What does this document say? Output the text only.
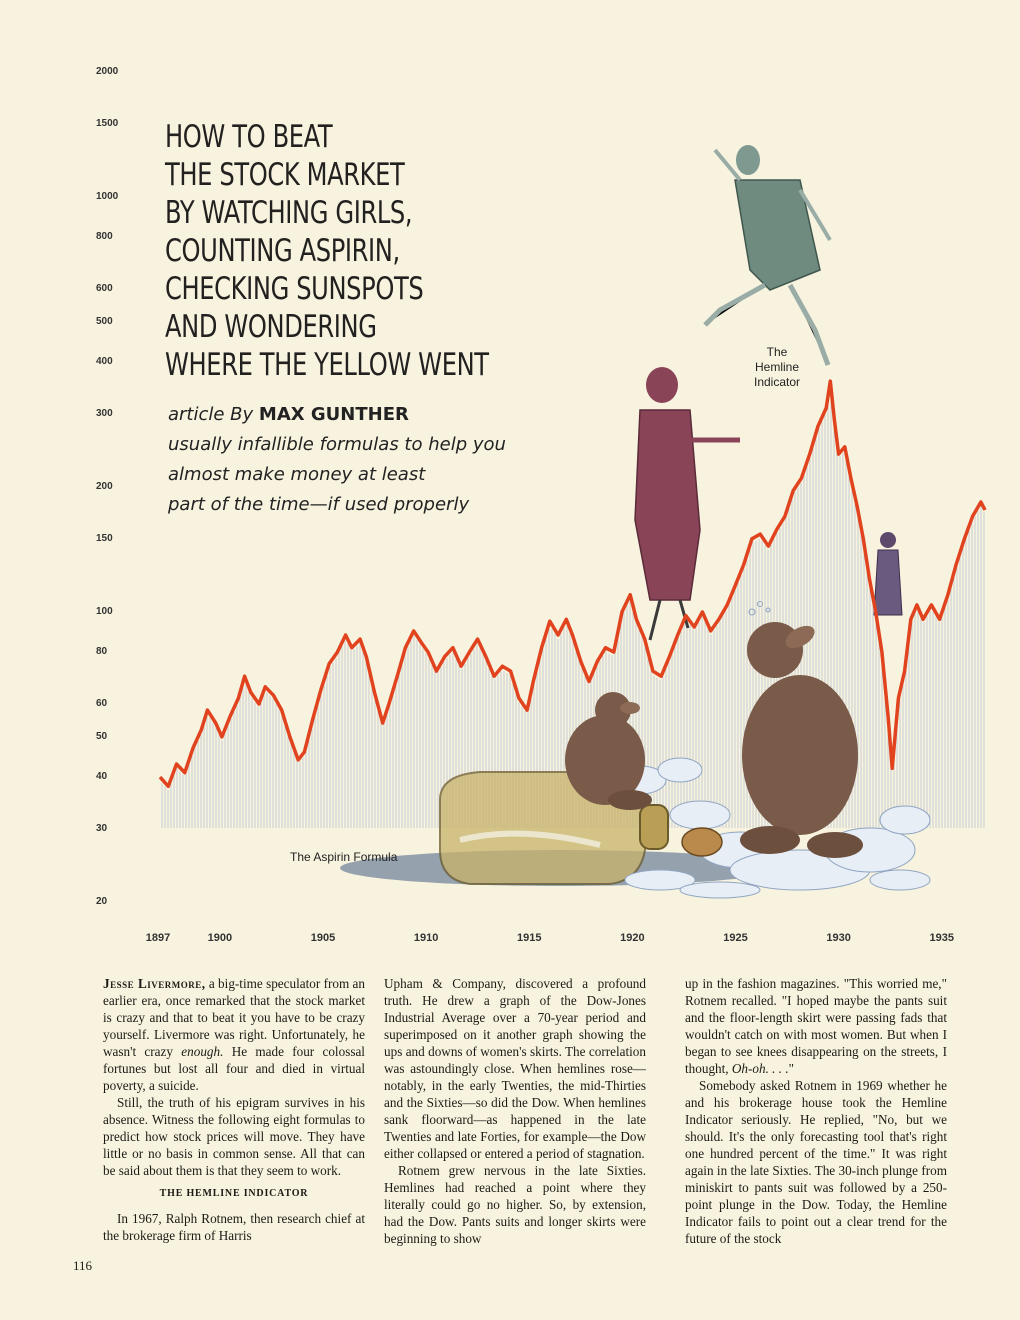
2000
1500
1000
800
600
500
400
300
200
150
100
80
60
50
40
30
20
1897	1900	1905	1910	1915	1920	1925	1930	1935
HOW TO BEAT
THE STOCK MARKET
BY WATCHING GIRLS,
COUNTING ASPIRIN,
CHECKING SUNSPOTS
AND WONDERING
WHERE THE YELLOW WENT
article By MAX GUNTHER
usually infallible formulas to help you
almost make money at least
part of the time—if used properly
The
Hemline
Indicator
The Aspirin Formula

Jesse Livermore, a big-time speculator from an earlier era, once remarked that the stock market is crazy and that to beat it you have to be crazy yourself. Livermore was right. Unfortunately, he wasn't crazy enough. He made four colossal fortunes but lost all four and died in virtual poverty, a suicide.

Still, the truth of his epigram survives in his absence. Witness the following eight formulas to predict how stock prices will move. They have little or no basis in common sense. All that can be said about them is that they seem to work.

THE HEMLINE INDICATOR

In 1967, Ralph Rotnem, then research chief at the brokerage firm of Harris

Upham & Company, discovered a profound truth. He drew a graph of the Dow-Jones Industrial Average over a 70-year period and superimposed on it another graph showing the ups and downs of women's skirts. The correlation was astoundingly close. When hemlines rose—notably, in the early Twenties, the mid-Thirties and the Sixties—so did the Dow. When hemlines sank floorward—as happened in the late Twenties and late Forties, for example—the Dow either collapsed or entered a period of stagnation.

Rotnem grew nervous in the late Sixties. Hemlines had reached a point where they literally could go no higher. So, by extension, had the Dow. Pants suits and longer skirts were beginning to show

up in the fashion magazines. "This worried me," Rotnem recalled. "I hoped maybe the pants suit and the floor-length skirt were passing fads that wouldn't catch on with most women. But when I began to see knees disappearing on the streets, I thought, Oh-oh. . . ."

Somebody asked Rotnem in 1969 whether he and his brokerage house took the Hemline Indicator seriously. He replied, "No, but we should. It's the only forecasting tool that's right one hundred percent of the time." It was right again in the late Sixties. The 30-inch plunge from miniskirt to pants suit was followed by a 250-point plunge in the Dow. Today, the Hemline Indicator fails to point out a clear trend for the future of the stock

116
